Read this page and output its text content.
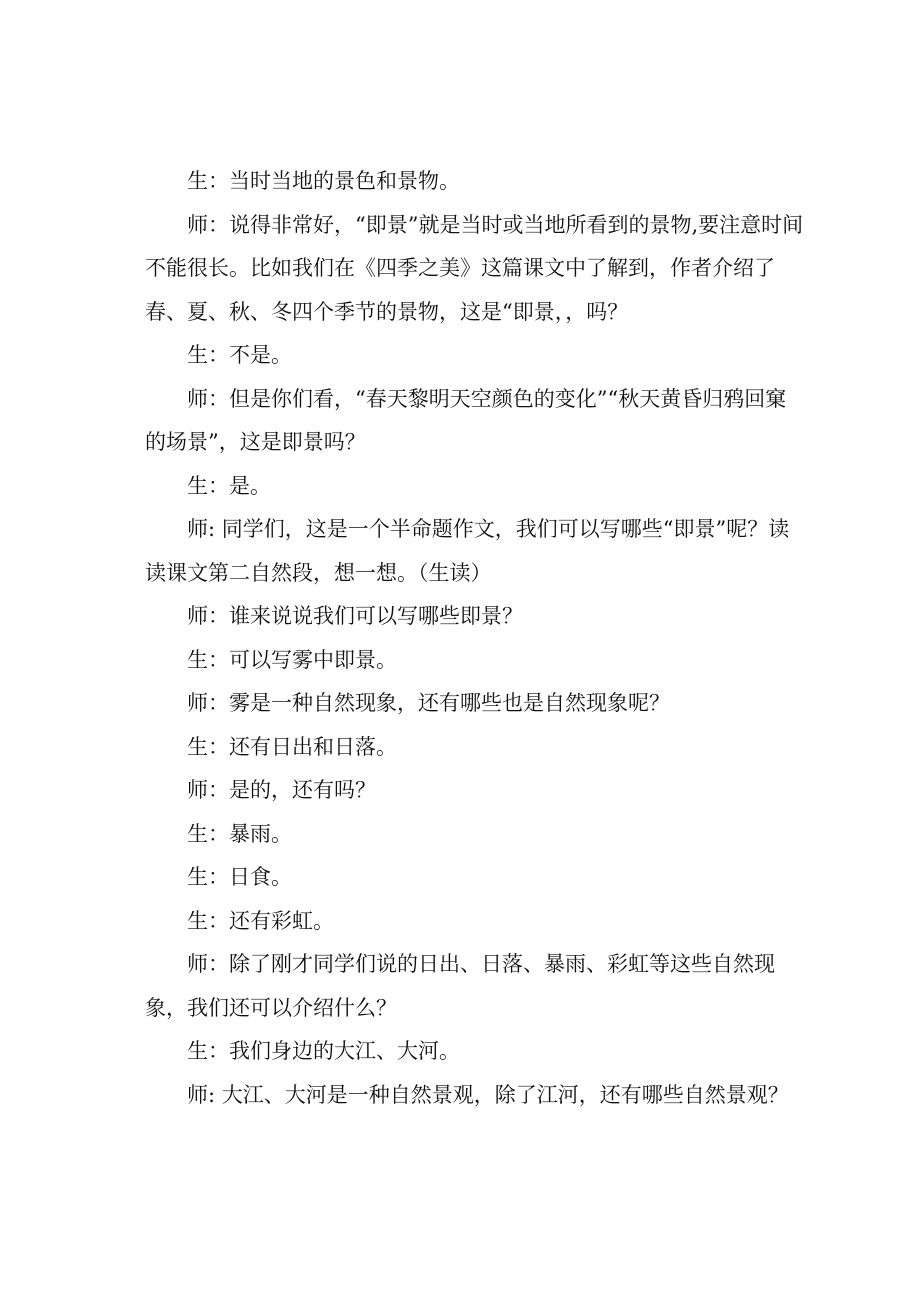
生：当时当地的景色和景物。

师：说得非常好，“即景”就是当时或当地所看到的景物,要注意时间不能很长。比如我们在《四季之美》这篇课文中了解到，作者介绍了春、夏、秋、冬四个季节的景物，这是“即景，，吗？

生：不是。

师：但是你们看，“春天黎明天空颜色的变化”“秋天黄昏归鸦回窠的场景”，这是即景吗？

生：是。

师: 同学们，这是一个半命题作文，我们可以写哪些“即景”呢？读读课文第二自然段，想一想。（生读）

师：谁来说说我们可以写哪些即景？

生：可以写雾中即景。

师：雾是一种自然现象，还有哪些也是自然现象呢？

生：还有日出和日落。

师：是的，还有吗？

生：暴雨。

生：日食。

生：还有彩虹。

师：除了刚才同学们说的日出、日落、暴雨、彩虹等这些自然现象，我们还可以介绍什么？

生：我们身边的大江、大河。

师: 大江、大河是一种自然景观，除了江河，还有哪些自然景观？
